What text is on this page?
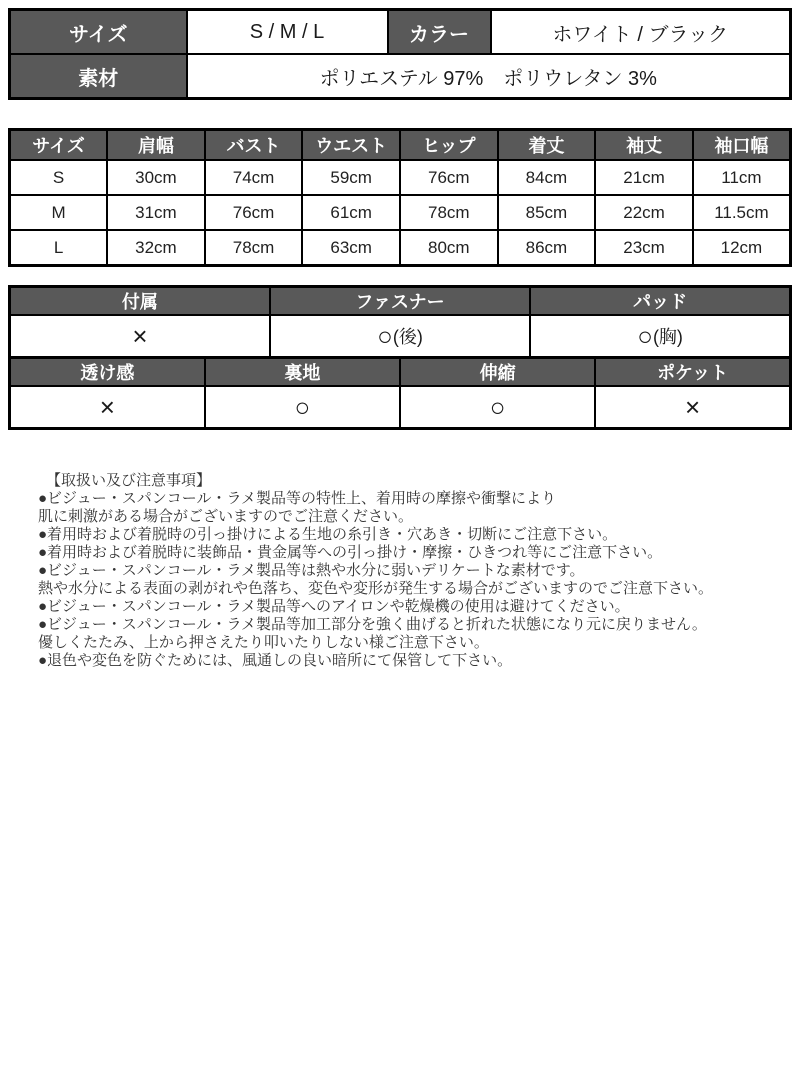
サイズ	S / M / L	カラー	ホワイト / ブラック
素材	ポリエステル 97%　ポリウレタン 3%		
サイズ	肩幅	バスト	ウエスト	ヒップ	着丈	袖丈	袖口幅
S	30cm	74cm	59cm	76cm	84cm	21cm	11cm
M	31cm	76cm	61cm	78cm	85cm	22cm	11.5cm
L	32cm	78cm	63cm	80cm	86cm	23cm	12cm
付属	ファスナー	パッド
×	○(後)	○(胸)
透け感	裏地	伸縮	ポケット
×	○	○	×
【取扱い及び注意事項】
●ビジュー・スパンコール・ラメ製品等の特性上、着用時の摩擦や衝撃により
肌に刺激がある場合がございますのでご注意ください。
●着用時および着脱時の引っ掛けによる生地の糸引き・穴あき・切断にご注意下さい。
●着用時および着脱時に装飾品・貴金属等への引っ掛け・摩擦・ひきつれ等にご注意下さい。
●ビジュー・スパンコール・ラメ製品等は熱や水分に弱いデリケートな素材です。
熱や水分による表面の剥がれや色落ち、変色や変形が発生する場合がございますのでご注意下さい。
●ビジュー・スパンコール・ラメ製品等へのアイロンや乾燥機の使用は避けてください。
●ビジュー・スパンコール・ラメ製品等加工部分を強く曲げると折れた状態になり元に戻りません。
優しくたたみ、上から押さえたり叩いたりしない様ご注意下さい。
●退色や変色を防ぐためには、風通しの良い暗所にて保管して下さい。
